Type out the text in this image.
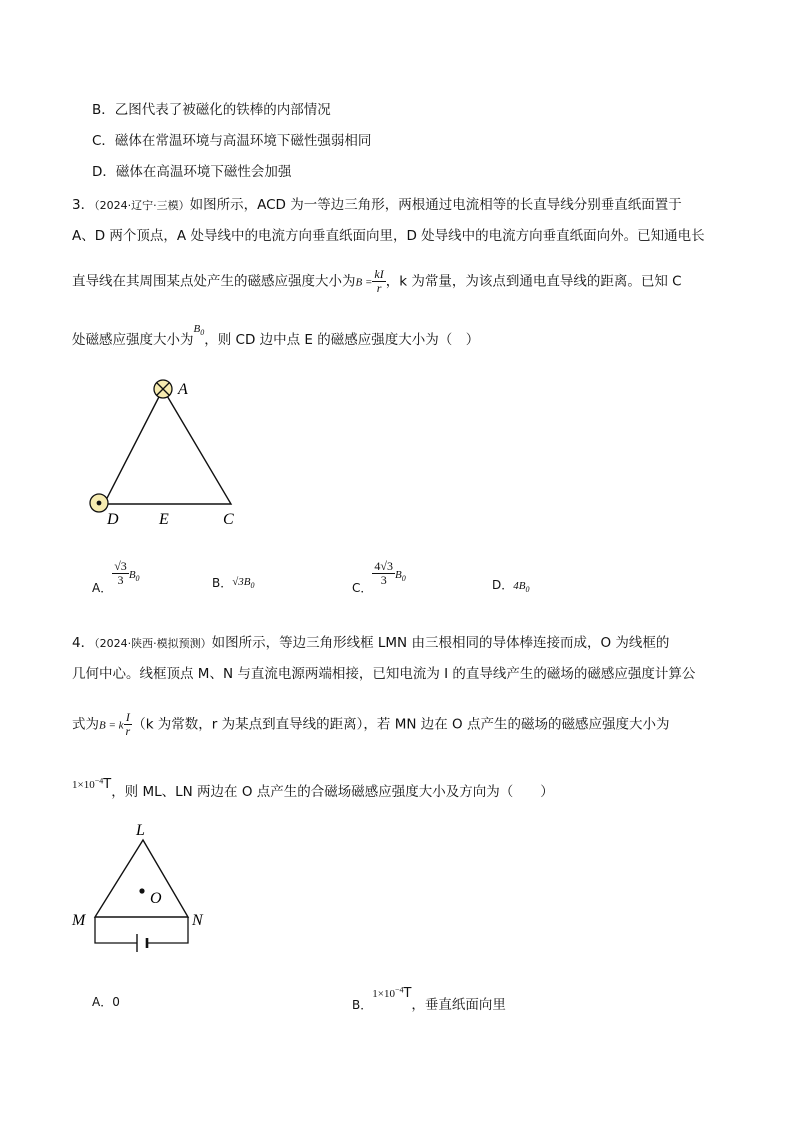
B．乙图代表了被磁化的铁棒的内部情况
C．磁体在常温环境与高温环境下磁性强弱相同
D．磁体在高温环境下磁性会加强
3．（2024·辽宁·三模）如图所示，ACD 为一等边三角形，两根通过电流相等的长直导线分别垂直纸面置于
A、D 两个顶点，A 处导线中的电流方向垂直纸面向里，D 处导线中的电流方向垂直纸面向外。已知通电长
直导线在其周围某点处产生的磁感应强度大小为$B = \frac{kI}{r}$ ，k 为常量，为该点到通电直导线的距离。已知 C
处磁感应强度大小为$^{B_0}$，则 CD 边中点 E 的磁感应强度大小为（　）
A
D	E	C
A．
$\frac{√3}{3} B_0$	B．$√3B_0$	C．
$\frac{4√3}{3} B_0$	D．$4B_0$
4．（2024·陕西·模拟预测）如图所示，等边三角形线框 LMN 由三根相同的导体棒连接而成，O 为线框的
几何中心。线框顶点 M、N 与直流电源两端相接，已知电流为 I 的直导线产生的磁场的磁感应强度计算公
式为B = k $\frac{I}{r} (k$ 为常数，r 为某点到直导线的距离），若 MN 边在 O 点产生的磁场的磁感应强度大小为
$^{1\times 10^{-4}T}$，则 ML、LN 两边在 O 点产生的合磁场磁感应强度大小及方向为（　　）
L
O
M	N
A．0	B．$^{1\times 10^{-4}T}$，垂直纸面向里
